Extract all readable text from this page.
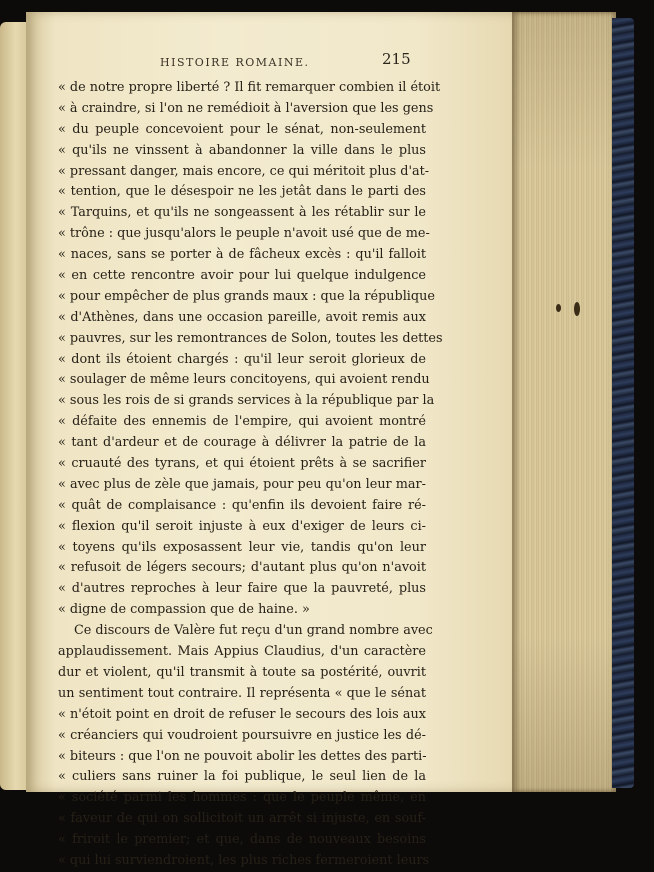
HISTOIRE ROMAINE.	215
« de notre propre liberté ? Il fit remarquer combien il étoit
« à craindre, si l'on ne remédioit à l'aversion que les gens
« du peuple concevoient pour le sénat, non-seulement
« qu'ils ne vinssent à abandonner la ville dans le plus
« pressant danger, mais encore, ce qui méritoit plus d'at-
« tention, que le désespoir ne les jetât dans le parti des
« Tarquins, et qu'ils ne songeassent à les rétablir sur le
« trône : que jusqu'alors le peuple n'avoit usé que de me-
« naces, sans se porter à de fâcheux excès : qu'il falloit
« en cette rencontre avoir pour lui quelque indulgence
« pour empêcher de plus grands maux : que la république
« d'Athènes, dans une occasion pareille, avoit remis aux
« pauvres, sur les remontrances de Solon, toutes les dettes
« dont ils étoient chargés : qu'il leur seroit glorieux de
« soulager de même leurs concitoyens, qui avoient rendu
« sous les rois de si grands services à la république par la
« défaite des ennemis de l'empire, qui avoient montré
« tant d'ardeur et de courage à délivrer la patrie de la
« cruauté des tyrans, et qui étoient prêts à se sacrifier
« avec plus de zèle que jamais, pour peu qu'on leur mar-
« quât de complaisance : qu'enfin ils devoient faire ré-
« flexion qu'il seroit injuste à eux d'exiger de leurs ci-
« toyens qu'ils exposassent leur vie, tandis qu'on leur
« refusoit de légers secours; d'autant plus qu'on n'avoit
« d'autres reproches à leur faire que la pauvreté, plus
« digne de compassion que de haine. »
Ce discours de Valère fut reçu d'un grand nombre avec
applaudissement. Mais Appius Claudius, d'un caractère
dur et violent, qu'il transmit à toute sa postérité, ouvrit
un sentiment tout contraire. Il représenta « que le sénat
« n'étoit point en droit de refuser le secours des lois aux
« créanciers qui voudroient poursuivre en justice les dé-
« biteurs : que l'on ne pouvoit abolir les dettes des parti-
« culiers sans ruiner la foi publique, le seul lien de la
« société parmi les hommes : que le peuple même, en
« faveur de qui on sollicitoit un arrêt si injuste, en souf-
« friroit le premier; et que, dans de nouveaux besoins
« qui lui surviendroient, les plus riches fermeroient leurs
